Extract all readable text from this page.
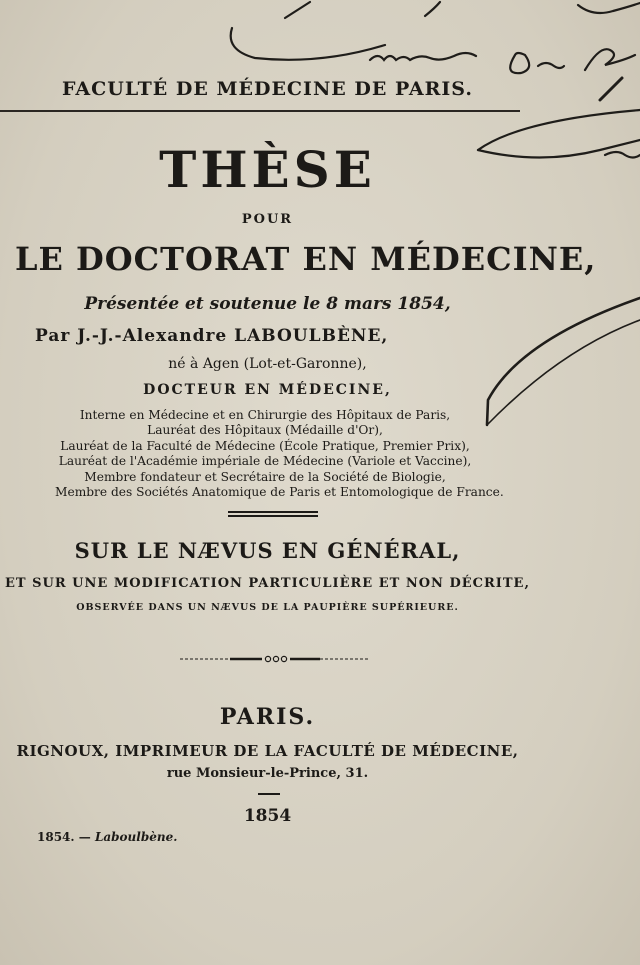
FACULTÉ DE MÉDECINE DE PARIS.
THÈSE
POUR
LE DOCTORAT EN MÉDECINE,
Présentée et soutenue le 8 mars 1854,
Par J.-J.-Alexandre LABOULBÈNE,
né à Agen (Lot-et-Garonne),
DOCTEUR EN MÉDECINE,
Interne en Médecine et en Chirurgie des Hôpitaux de Paris,
Lauréat des Hôpitaux (Médaille d'Or),
Lauréat de la Faculté de Médecine (École Pratique, Premier Prix),
Lauréat de l'Académie impériale de Médecine (Variole et Vaccine),
Membre fondateur et Secrétaire de la Société de Biologie,
Membre des Sociétés Anatomique de Paris et Entomologique de France.
SUR LE NÆVUS EN GÉNÉRAL,
ET SUR UNE MODIFICATION PARTICULIÈRE ET NON DÉCRITE,
OBSERVÉE DANS UN NÆVUS DE LA PAUPIÈRE SUPÉRIEURE.
PARIS.
RIGNOUX, IMPRIMEUR DE LA FACULTÉ DE MÉDECINE,
rue Monsieur-le-Prince, 31.
1854
1854. — Laboulbène.
